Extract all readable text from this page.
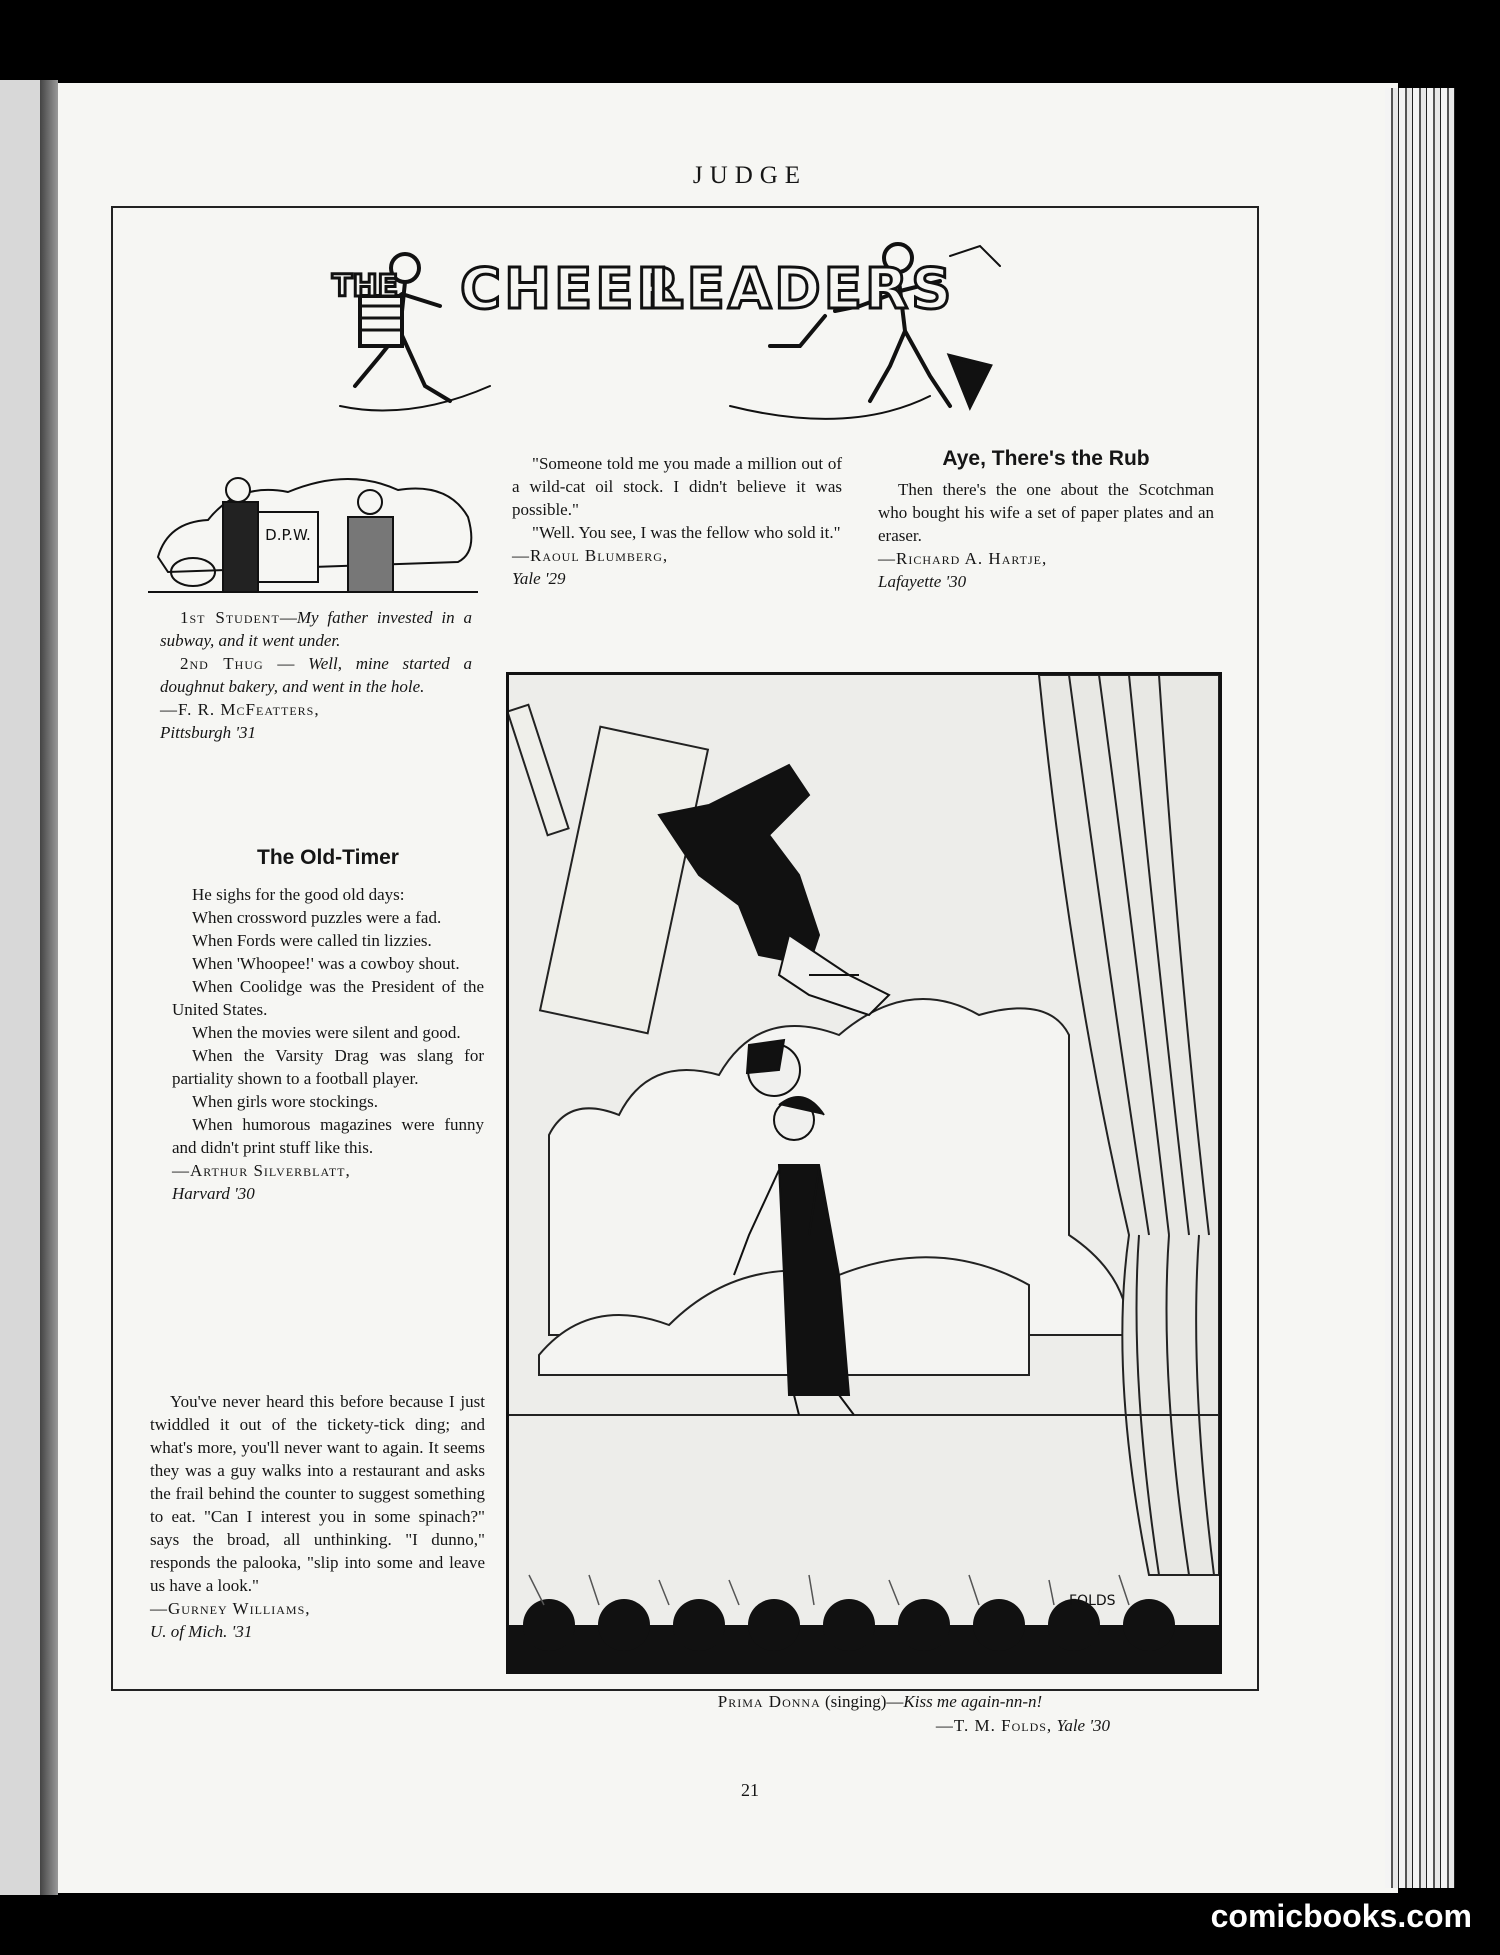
JUDGE
THE CHEER
LEADERS
D.P.W.

1st Student—My father invested in a subway, and it went under.

2nd Thug — Well, mine started a doughnut bakery, and went in the hole.

—F. R. McFeatters,

Pittsburgh '31

"Someone told me you made a million out of a wild-cat oil stock. I didn't believe it was possible."

"Well. You see, I was the fellow who sold it."

—Raoul Blumberg,

Yale '29

Aye, There's the Rub

Then there's the one about the Scotchman who bought his wife a set of paper plates and an eraser.

—Richard A. Hartje,

Lafayette '30

The Old-Timer

He sighs for the good old days:

When crossword puzzles were a fad.

When Fords were called tin lizzies.

When 'Whoopee!' was a cowboy shout.

When Coolidge was the President of the United States.

When the movies were silent and good.

When the Varsity Drag was slang for partiality shown to a football player.

When girls wore stockings.

When humorous magazines were funny and didn't print stuff like this.

—Arthur Silverblatt,

Harvard '30

You've never heard this before because I just twiddled it out of the tickety-tick ding; and what's more, you'll never want to again. It seems they was a guy walks into a restaurant and asks the frail behind the counter to suggest something to eat. "Can I interest you in some spinach?" says the broad, all unthinking. "I dunno," responds the palooka, "slip into some and leave us have a look."

—Gurney Williams,

U. of Mich. '31

FOLDS
Prima Donna (singing)—Kiss me again-nn-n!
—T. M. Folds, Yale '30
21
comicbooks.com
